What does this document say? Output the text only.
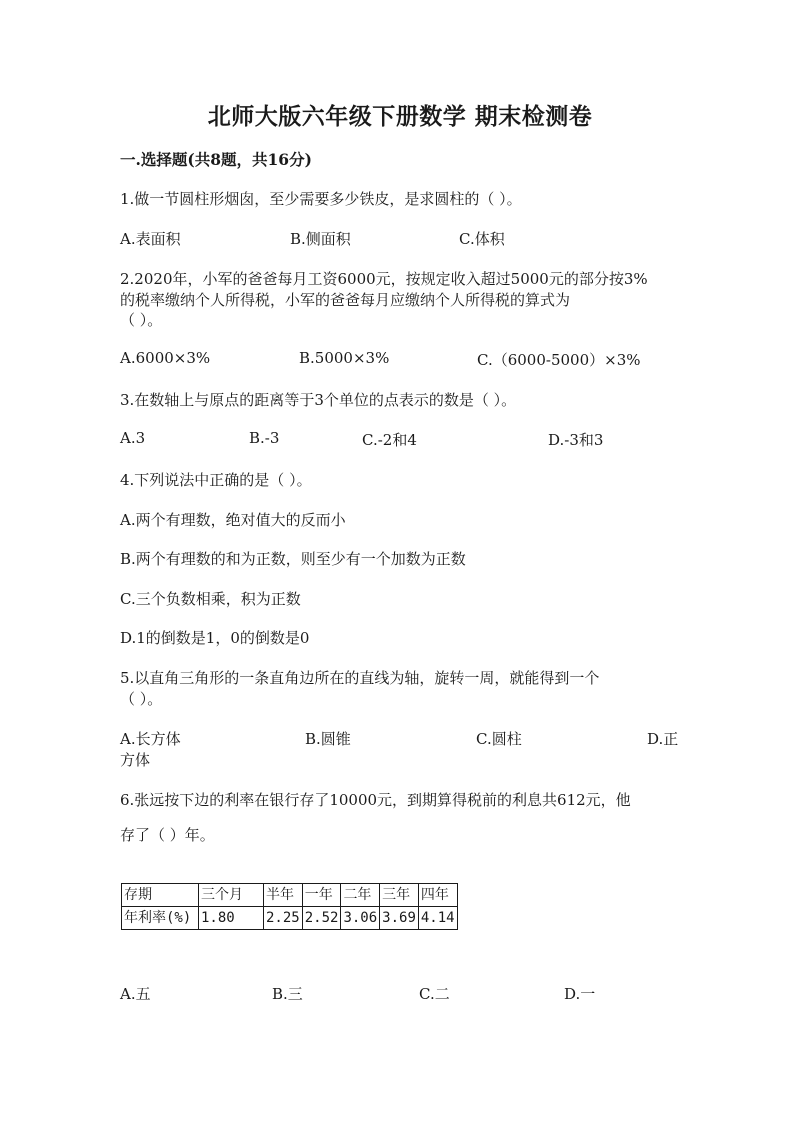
北师大版六年级下册数学 期末检测卷
一.选择题(共8题，共16分)
1.做一节圆柱形烟囱，至少需要多少铁皮，是求圆柱的（ ）。
A.表面积	B.侧面积	C.体积
2.2020年，小军的爸爸每月工资6000元，按规定收入超过5000元的部分按3%
的税率缴纳个人所得税，小军的爸爸每月应缴纳个人所得税的算式为
（ ）。
A.6000×3%	B.5000×3%	C.（6000-5000）×3%
3.在数轴上与原点的距离等于3个单位的点表示的数是（ ）。
A.3	B.-3	C.-2和4	D.-3和3
4.下列说法中正确的是（ ）。
A.两个有理数，绝对值大的反而小
B.两个有理数的和为正数，则至少有一个加数为正数
C.三个负数相乘，积为正数
D.1的倒数是1，0的倒数是0
5.以直角三角形的一条直角边所在的直线为轴，旋转一周，就能得到一个
（ ）。
A.长方体	B.圆锥	C.圆柱	D.正
方体
6.张远按下边的利率在银行存了10000元，到期算得税前的利息共612元，他
存了（ ）年。
存期	三个月	半年	一年	二年	三年	四年
年利率(%)	1.80	2.25	2.52	3.06	3.69	4.14
A.五	B.三	C.二	D.一
